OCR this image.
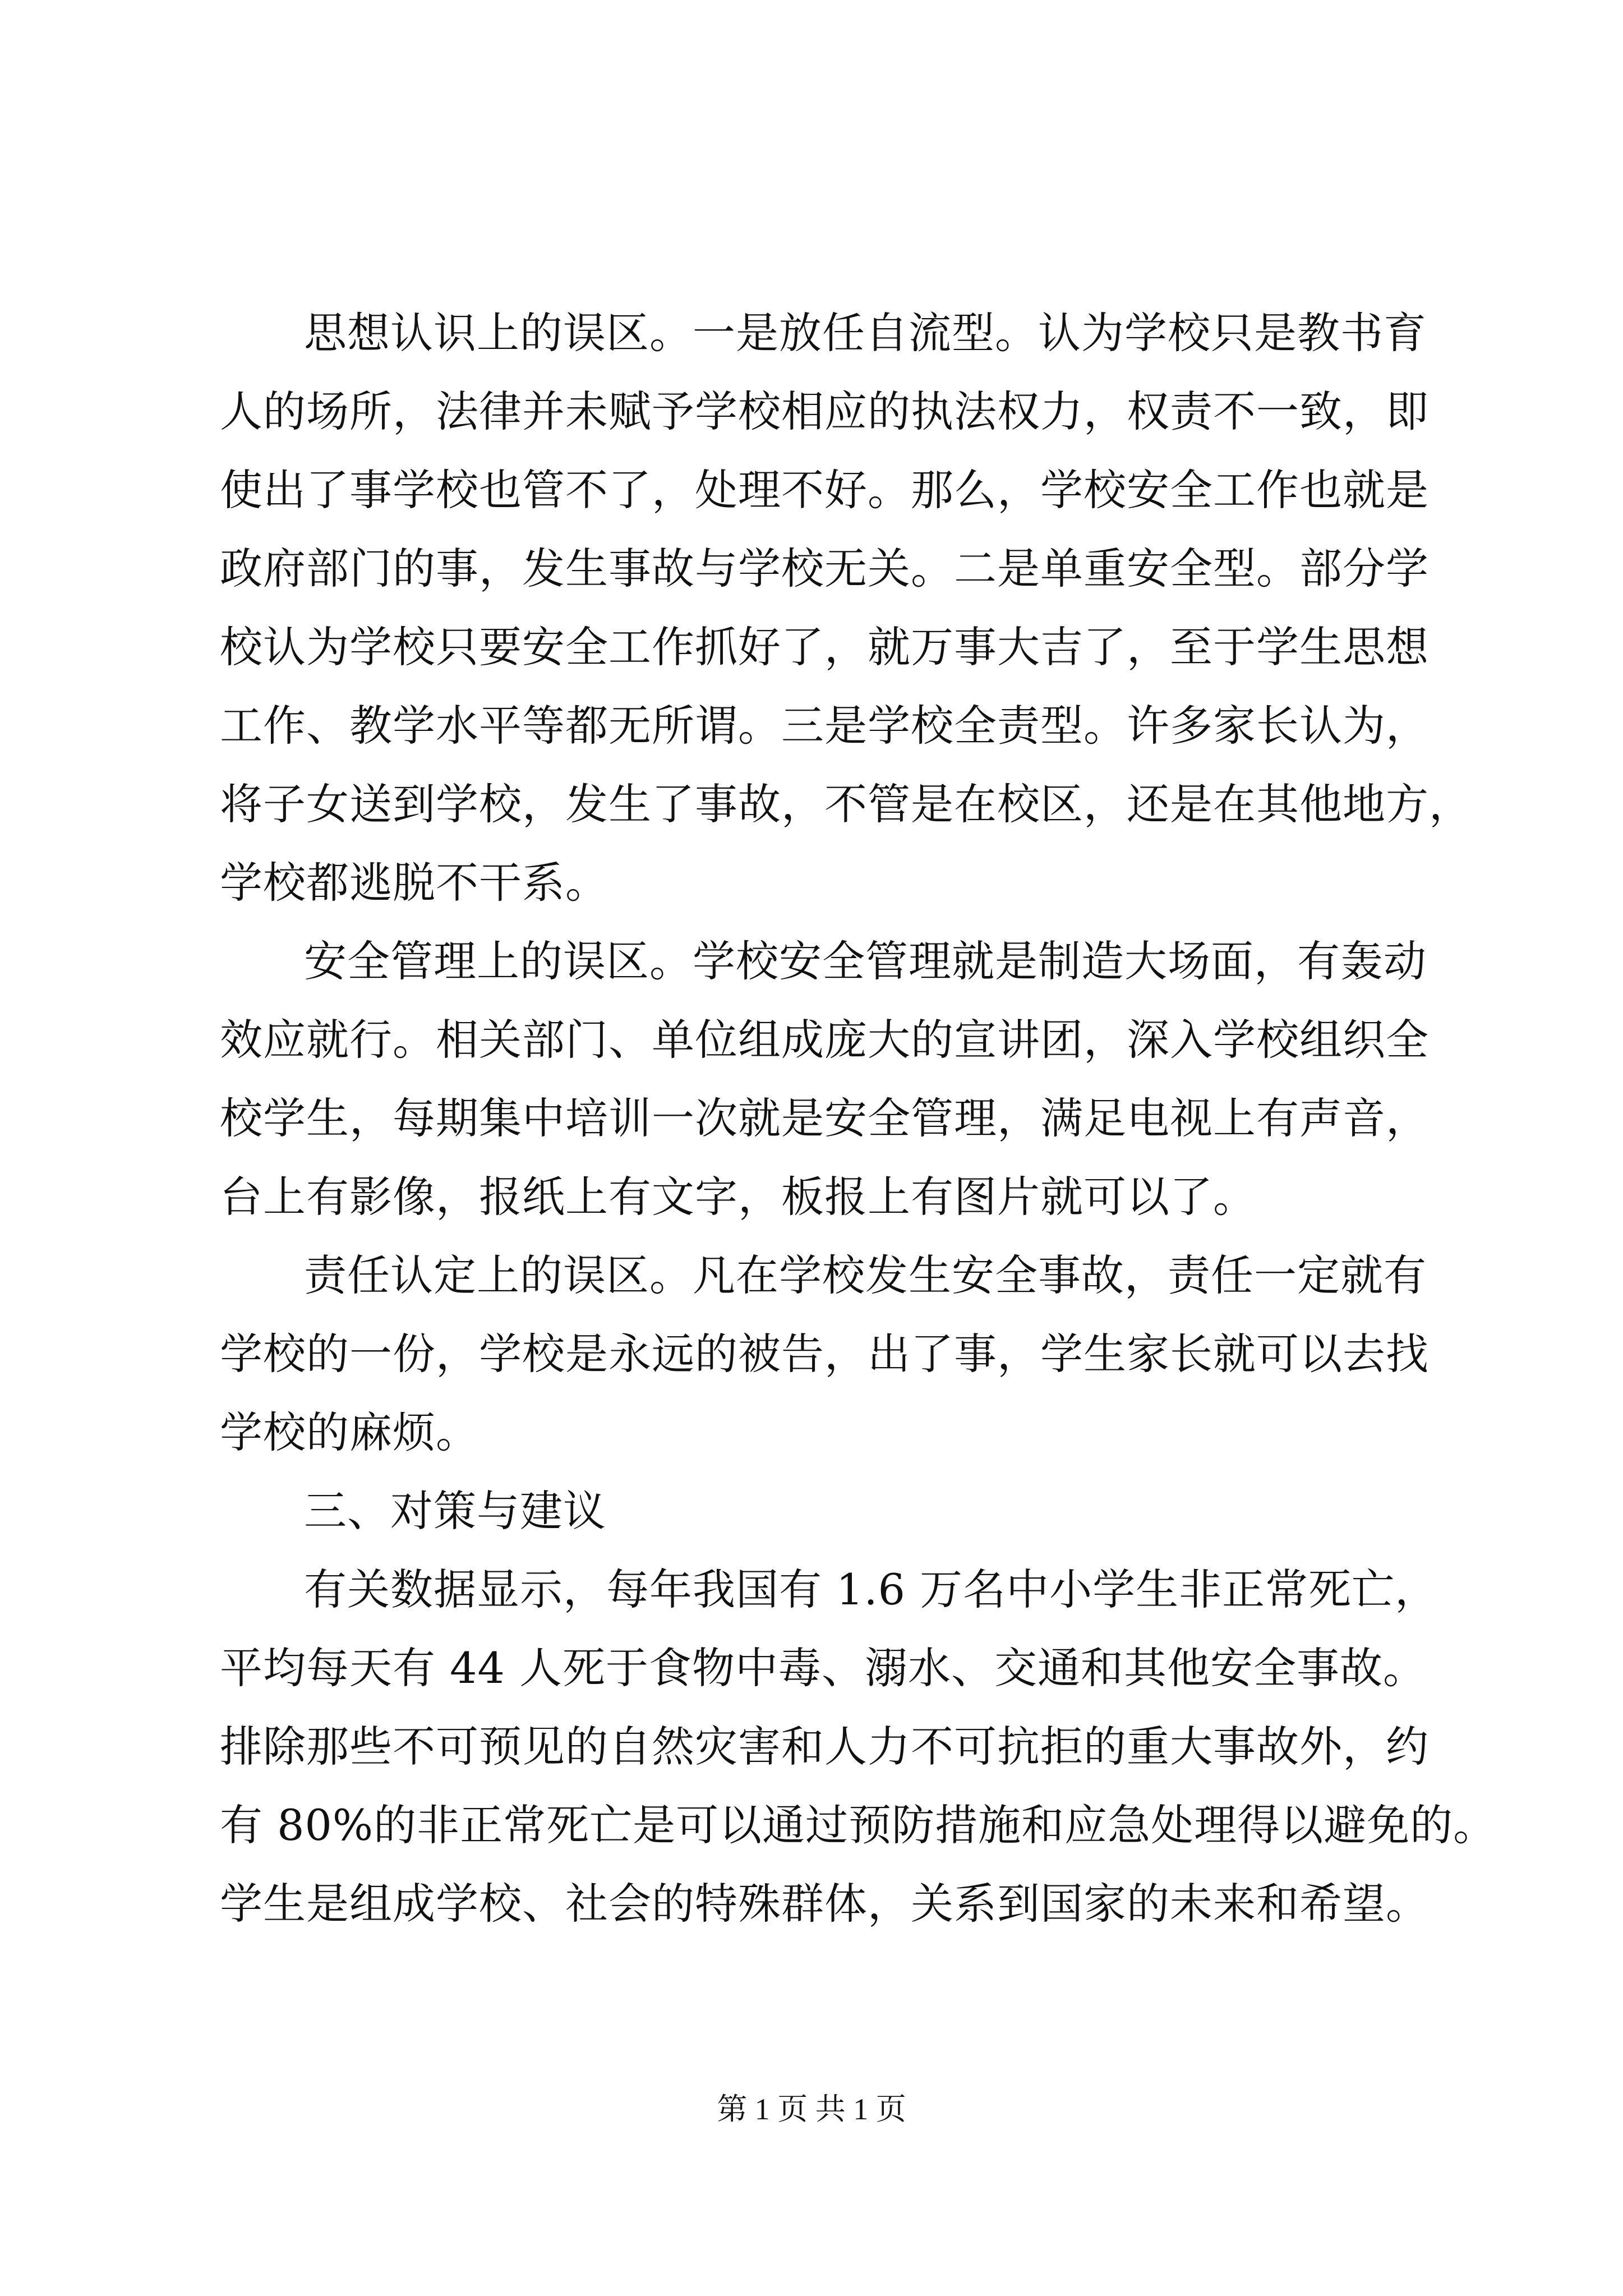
思想认识上的误区。一是放任自流型。认为学校只是教书育
人的场所，法律并未赋予学校相应的执法权力，权责不一致，即
使出了事学校也管不了，处理不好。那么，学校安全工作也就是
政府部门的事，发生事故与学校无关。二是单重安全型。部分学
校认为学校只要安全工作抓好了，就万事大吉了，至于学生思想
工作、教学水平等都无所谓。三是学校全责型。许多家长认为，
将子女送到学校，发生了事故，不管是在校区，还是在其他地方，
学校都逃脱不干系。
安全管理上的误区。学校安全管理就是制造大场面，有轰动
效应就行。相关部门、单位组成庞大的宣讲团，深入学校组织全
校学生，每期集中培训一次就是安全管理，满足电视上有声音，
台上有影像，报纸上有文字，板报上有图片就可以了。
责任认定上的误区。凡在学校发生安全事故，责任一定就有
学校的一份，学校是永远的被告，出了事，学生家长就可以去找
学校的麻烦。
三、对策与建议
有关数据显示，每年我国有 1.6 万名中小学生非正常死亡，
平均每天有 44 人死于食物中毒、溺水、交通和其他安全事故。
排除那些不可预见的自然灾害和人力不可抗拒的重大事故外，约
有 80%的非正常死亡是可以通过预防措施和应急处理得以避免的。
学生是组成学校、社会的特殊群体，关系到国家的未来和希望。
第 1 页 共 1 页
